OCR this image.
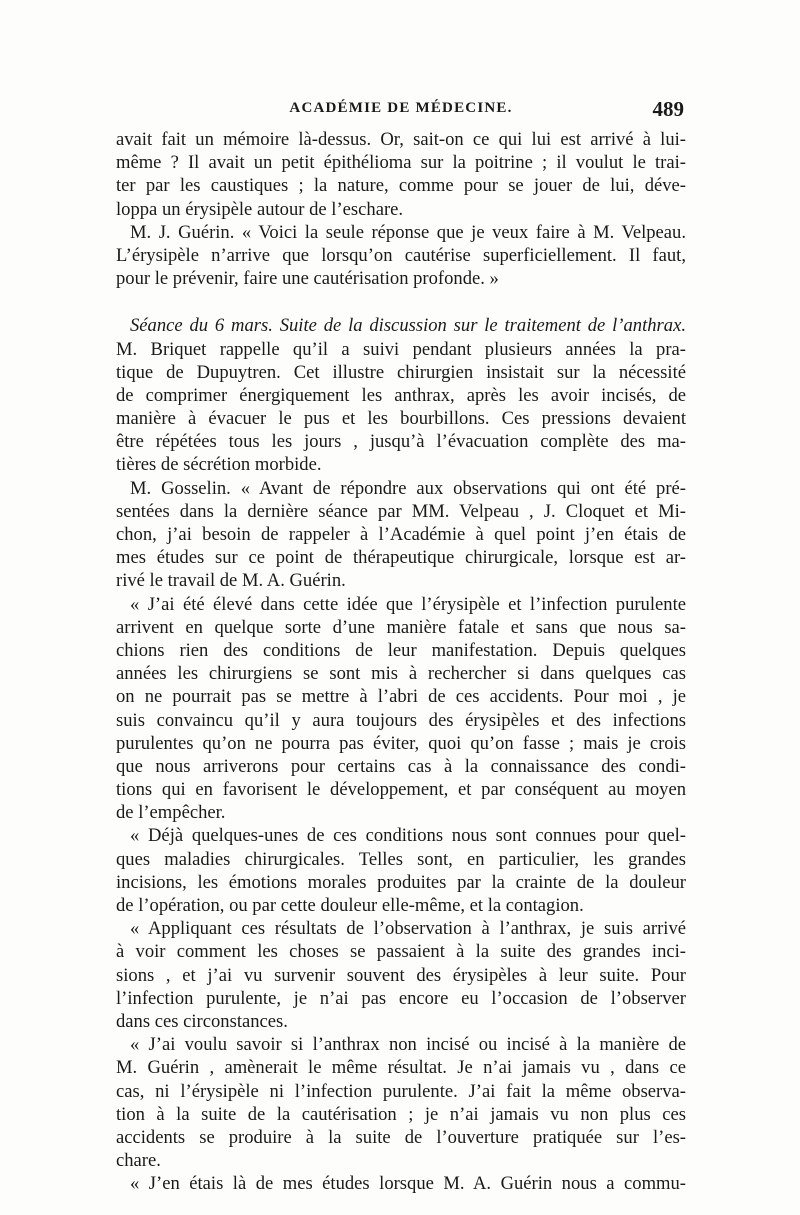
ACADÉMIE DE MÉDECINE.	489
avait fait un mémoire là-dessus. Or, sait-on ce qui lui est arrivé à lui-
même ? Il avait un petit épithélioma sur la poitrine ; il voulut le trai-
ter par les caustiques ; la nature, comme pour se jouer de lui, déve-
loppa un érysipèle autour de l’eschare.
M. J. Guérin. « Voici la seule réponse que je veux faire à M. Velpeau.
L’érysipèle n’arrive que lorsqu’on cautérise superficiellement. Il faut,
pour le prévenir, faire une cautérisation profonde. »
Séance du 6 mars. Suite de la discussion sur le traitement de l’anthrax.
M. Briquet rappelle qu’il a suivi pendant plusieurs années la pra-
tique de Dupuytren. Cet illustre chirurgien insistait sur la nécessité
de comprimer énergiquement les anthrax, après les avoir incisés, de
manière à évacuer le pus et les bourbillons. Ces pressions devaient
être répétées tous les jours , jusqu’à l’évacuation complète des ma-
tières de sécrétion morbide.
M. Gosselin. « Avant de répondre aux observations qui ont été pré-
sentées dans la dernière séance par MM. Velpeau , J. Cloquet et Mi-
chon, j’ai besoin de rappeler à l’Académie à quel point j’en étais de
mes études sur ce point de thérapeutique chirurgicale, lorsque est ar-
rivé le travail de M. A. Guérin.
« J’ai été élevé dans cette idée que l’érysipèle et l’infection purulente
arrivent en quelque sorte d’une manière fatale et sans que nous sa-
chions rien des conditions de leur manifestation. Depuis quelques
années les chirurgiens se sont mis à rechercher si dans quelques cas
on ne pourrait pas se mettre à l’abri de ces accidents. Pour moi , je
suis convaincu qu’il y aura toujours des érysipèles et des infections
purulentes qu’on ne pourra pas éviter, quoi qu’on fasse ; mais je crois
que nous arriverons pour certains cas à la connaissance des condi-
tions qui en favorisent le développement, et par conséquent au moyen
de l’empêcher.
« Déjà quelques-unes de ces conditions nous sont connues pour quel-
ques maladies chirurgicales. Telles sont, en particulier, les grandes
incisions, les émotions morales produites par la crainte de la douleur
de l’opération, ou par cette douleur elle-même, et la contagion.
« Appliquant ces résultats de l’observation à l’anthrax, je suis arrivé
à voir comment les choses se passaient à la suite des grandes inci-
sions , et j’ai vu survenir souvent des érysipèles à leur suite. Pour
l’infection purulente, je n’ai pas encore eu l’occasion de l’observer
dans ces circonstances.
« J’ai voulu savoir si l’anthrax non incisé ou incisé à la manière de
M. Guérin , amènerait le même résultat. Je n’ai jamais vu , dans ce
cas, ni l’érysipèle ni l’infection purulente. J’ai fait la même observa-
tion à la suite de la cautérisation ; je n’ai jamais vu non plus ces
accidents se produire à la suite de l’ouverture pratiquée sur l’es-
chare.
« J’en étais là de mes études lorsque M. A. Guérin nous a commu-
